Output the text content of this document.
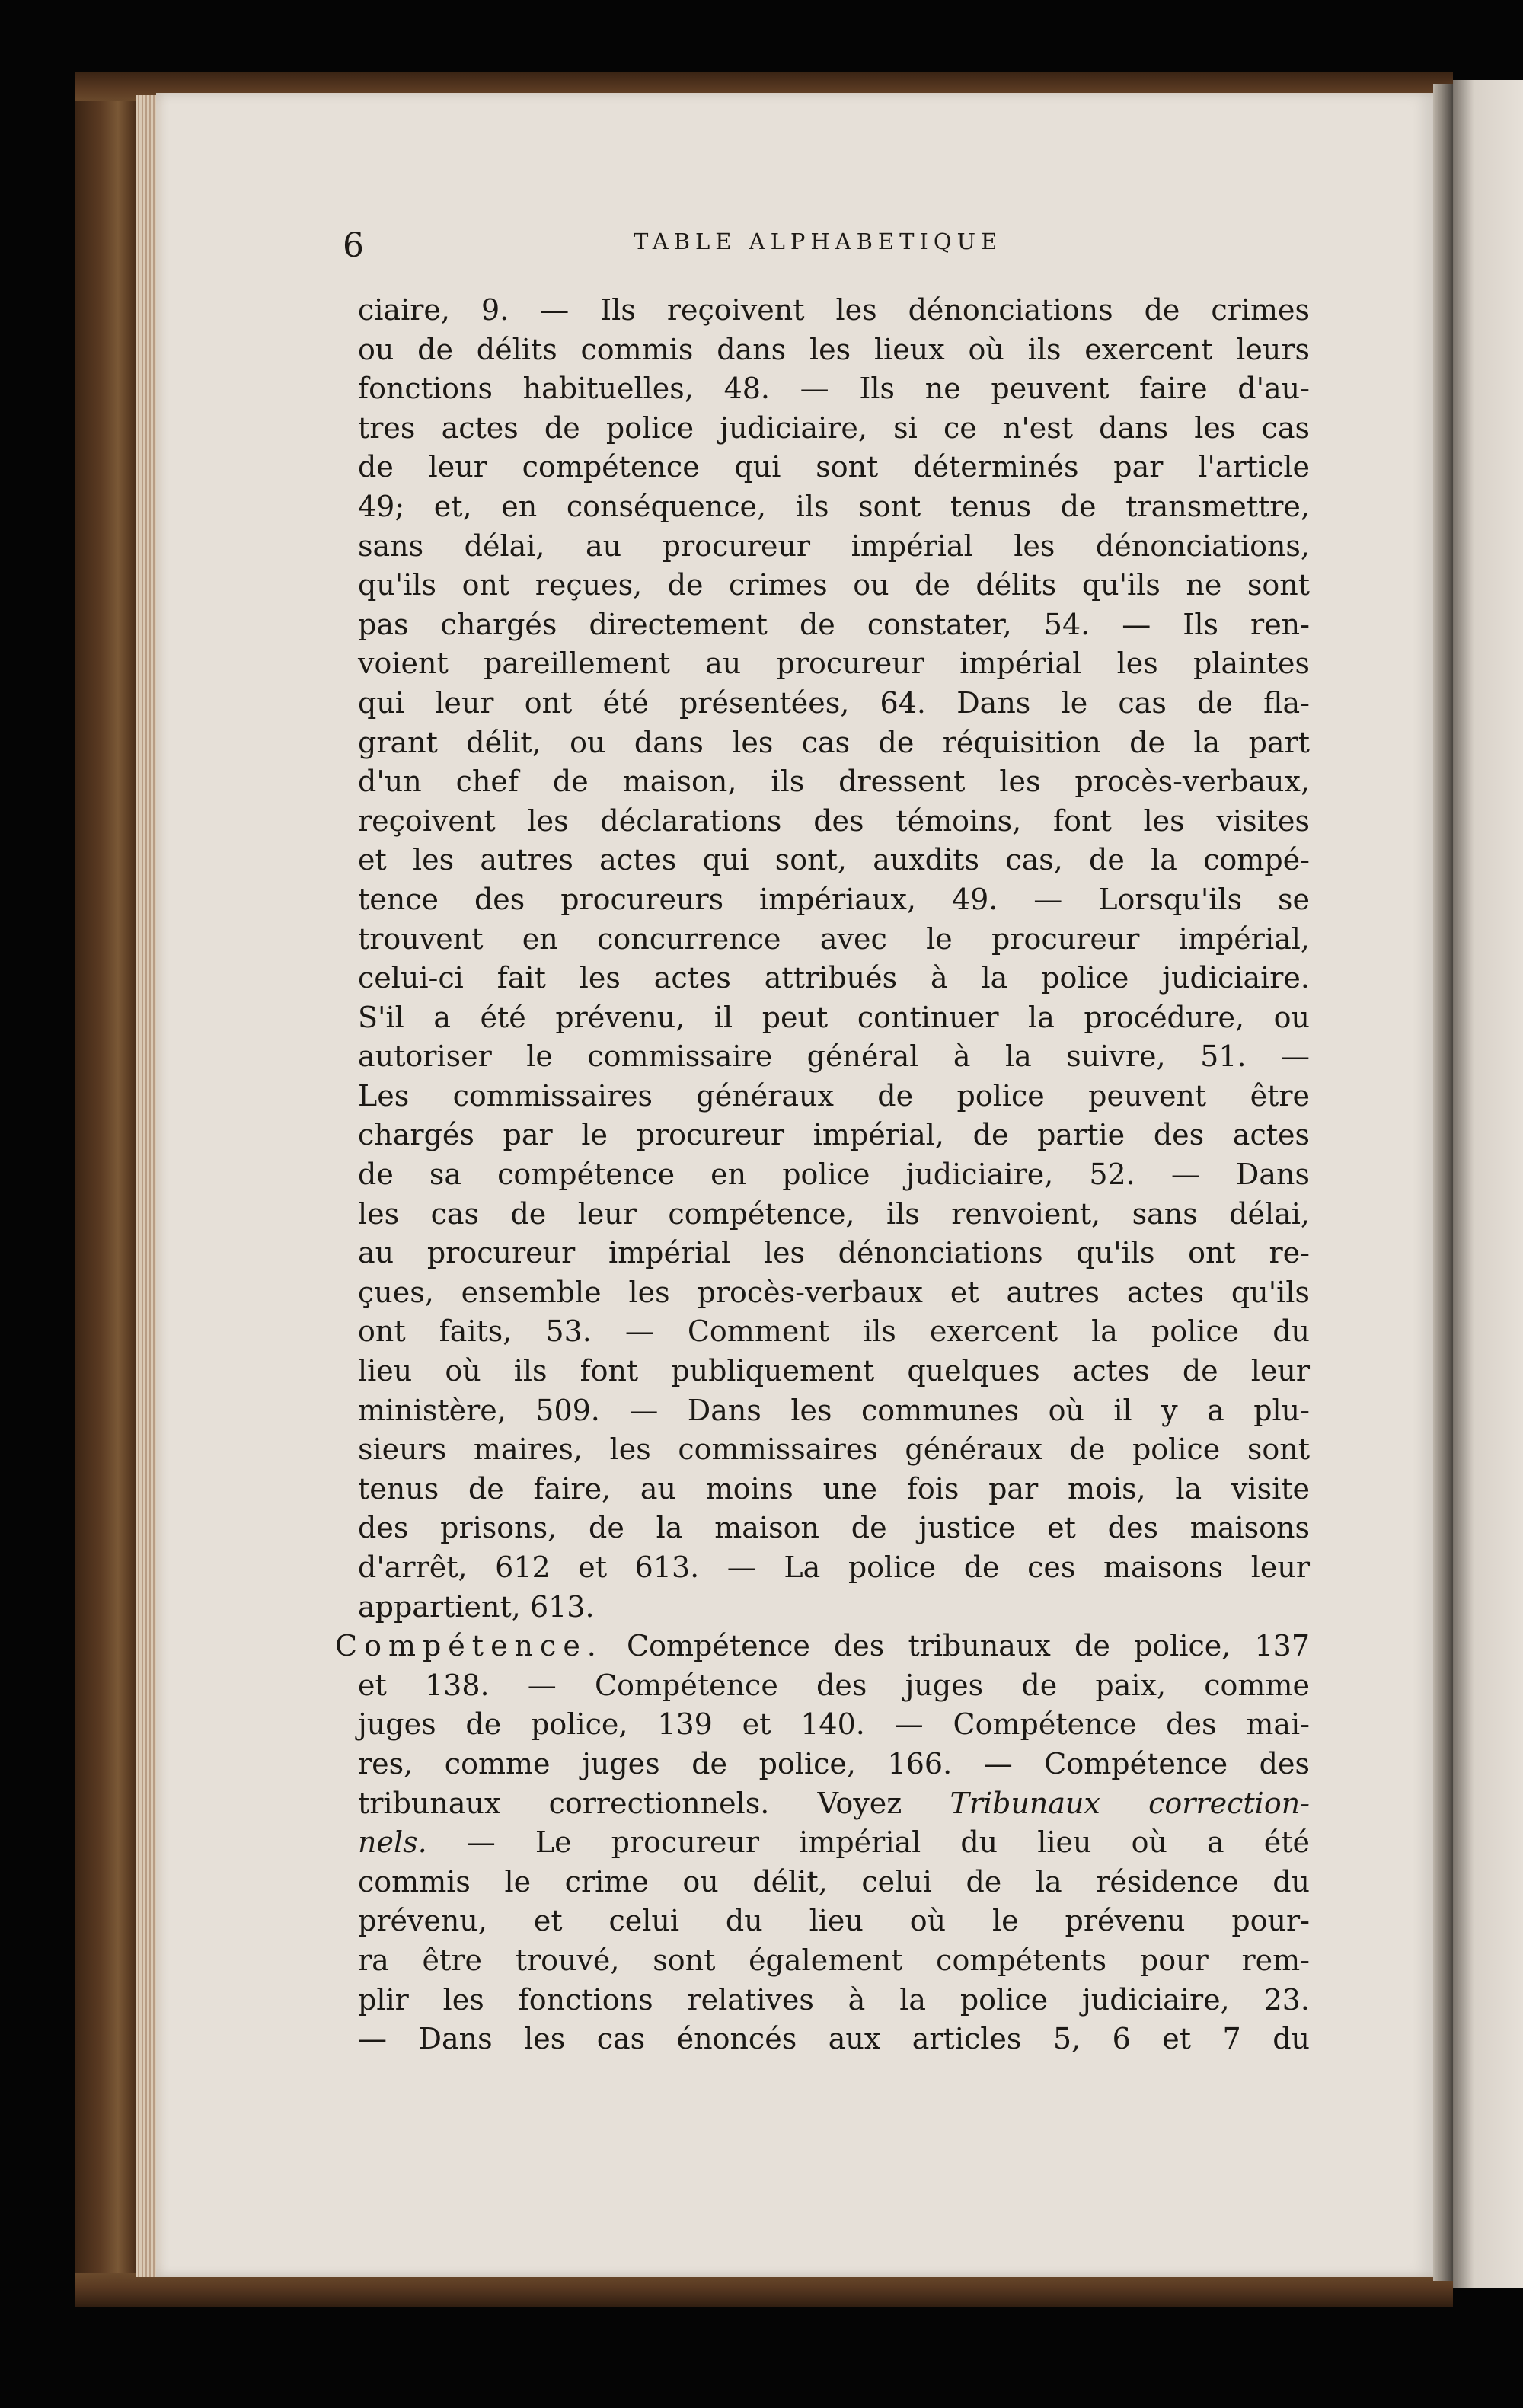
6	TABLE ALPHABETIQUE

ciaire, 9. — Ils reçoivent les dénonciations de crimes
ou de délits commis dans les lieux où ils exercent leurs
fonctions habituelles, 48. — Ils ne peuvent faire d'au-
tres actes de police judiciaire, si ce n'est dans les cas
de leur compétence qui sont déterminés par l'article
49; et, en conséquence, ils sont tenus de transmettre,
sans délai, au procureur impérial les dénonciations,
qu'ils ont reçues, de crimes ou de délits qu'ils ne sont
pas chargés directement de constater, 54. — Ils ren-
voient pareillement au procureur impérial les plaintes
qui leur ont été présentées, 64. Dans le cas de fla-
grant délit, ou dans les cas de réquisition de la part
d'un chef de maison, ils dressent les procès-verbaux,
reçoivent les déclarations des témoins, font les visites
et les autres actes qui sont, auxdits cas, de la compé-
tence des procureurs impériaux, 49. — Lorsqu'ils se
trouvent en concurrence avec le procureur impérial,
celui-ci fait les actes attribués à la police judiciaire.
S'il a été prévenu, il peut continuer la procédure, ou
autoriser le commissaire général à la suivre, 51. —
Les commissaires généraux de police peuvent être
chargés par le procureur impérial, de partie des actes
de sa compétence en police judiciaire, 52. — Dans
les cas de leur compétence, ils renvoient, sans délai,
au procureur impérial les dénonciations qu'ils ont re-
çues, ensemble les procès-verbaux et autres actes qu'ils
ont faits, 53. — Comment ils exercent la police du
lieu où ils font publiquement quelques actes de leur
ministère, 509. — Dans les communes où il y a plu-
sieurs maires, les commissaires généraux de police sont
tenus de faire, au moins une fois par mois, la visite
des prisons, de la maison de justice et des maisons
d'arrêt, 612 et 613. — La police de ces maisons leur
appartient, 613.
Compétence. Compétence des tribunaux de police, 137
et 138. — Compétence des juges de paix, comme
juges de police, 139 et 140. — Compétence des mai-
res, comme juges de police, 166. — Compétence des
tribunaux correctionnels. Voyez Tribunaux correction-
nels. — Le procureur impérial du lieu où a été
commis le crime ou délit, celui de la résidence du
prévenu, et celui du lieu où le prévenu pour-
ra être trouvé, sont également compétents pour rem-
plir les fonctions relatives à la police judiciaire, 23.
— Dans les cas énoncés aux articles 5, 6 et 7 du
